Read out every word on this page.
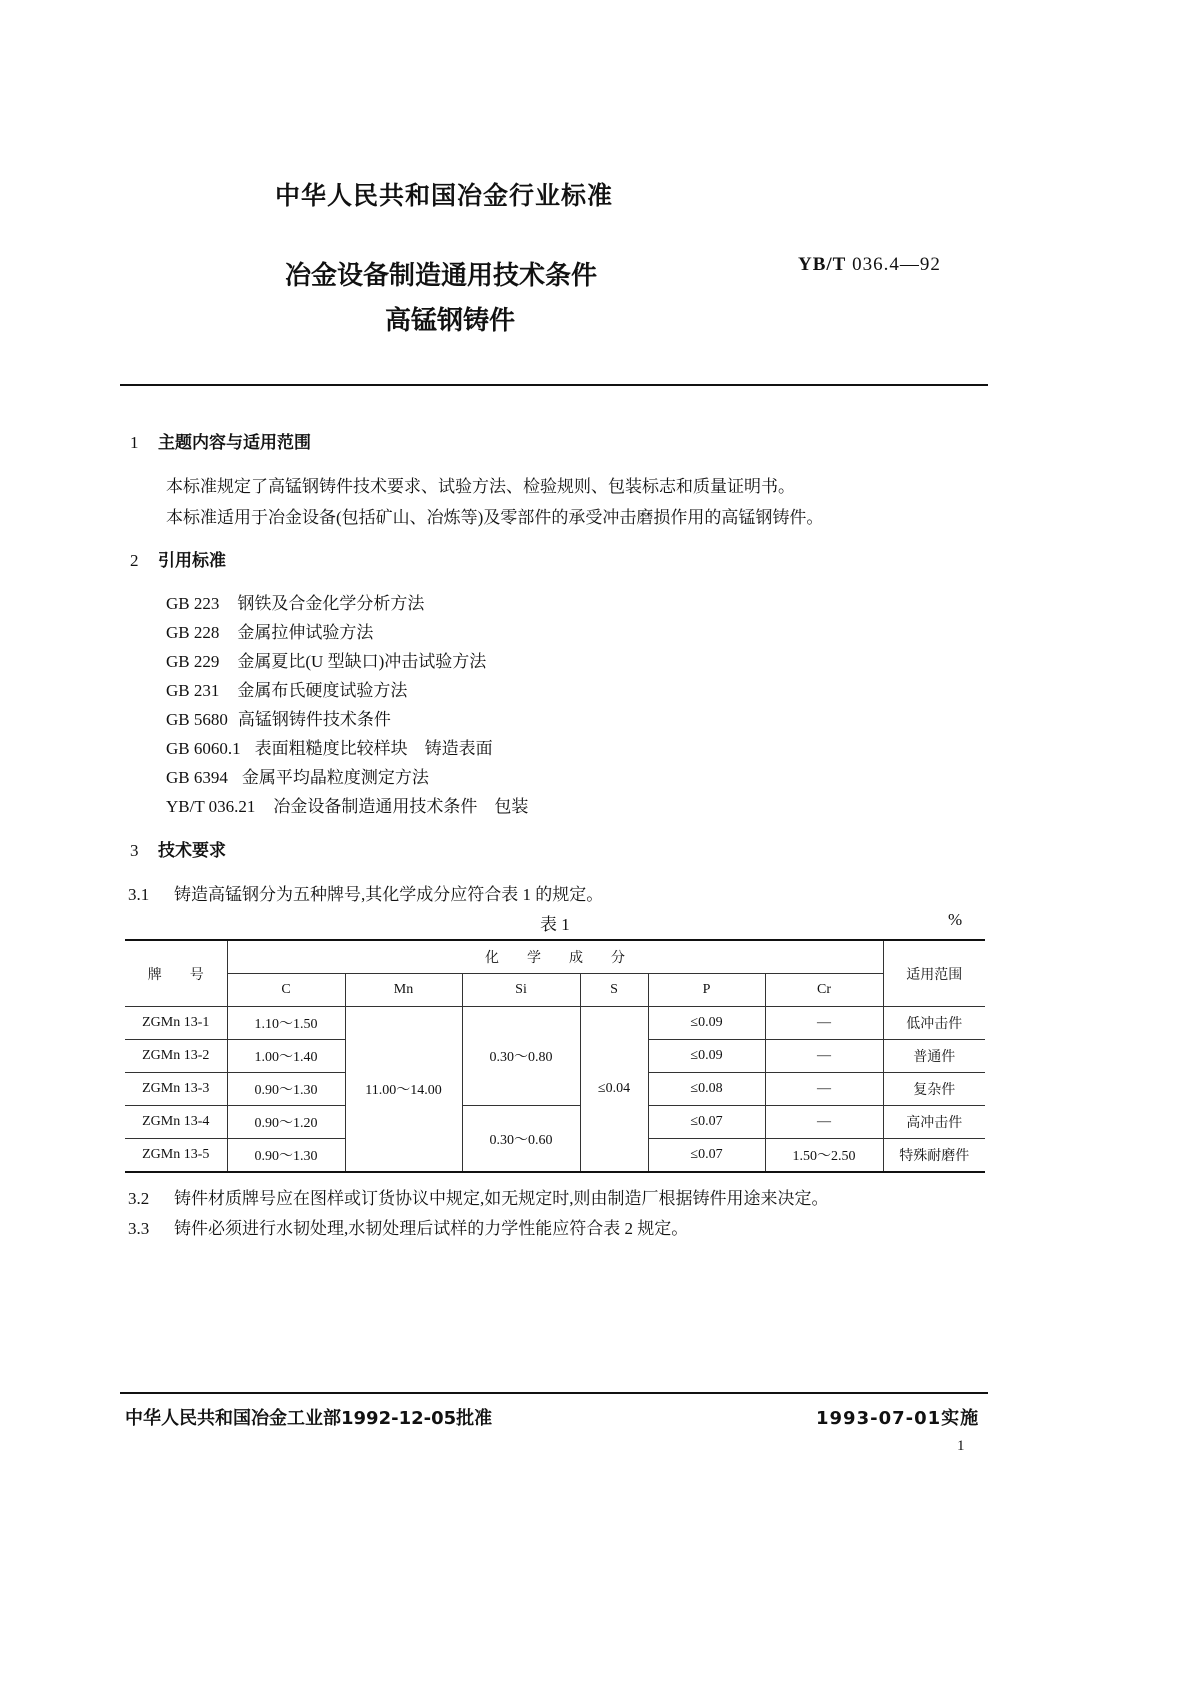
中华人民共和国冶金行业标准
冶金设备制造通用技术条件
高锰钢铸件
YB/T 036.4—92
1 主题内容与适用范围
本标准规定了高锰钢铸件技术要求、试验方法、检验规则、包装标志和质量证明书。
本标准适用于冶金设备(包括矿山、冶炼等)及零部件的承受冲击磨损作用的高锰钢铸件。
2 引用标准
GB 223 钢铁及合金化学分析方法
GB 228 金属拉伸试验方法
GB 229 金属夏比(U 型缺口)冲击试验方法
GB 231 金属布氏硬度试验方法
GB 5680 高锰钢铸件技术条件
GB 6060.1 表面粗糙度比较样块　铸造表面
GB 6394 金属平均晶粒度测定方法
YB/T 036.21 冶金设备制造通用技术条件　包装
3 技术要求
3.1 铸造高锰钢分为五种牌号,其化学成分应符合表 1 的规定。
表 1	%
牌　　号	化　　学　　成　　分						适用范围
	C	Mn	Si	S	P	Cr	
ZGMn 13-1	1.10～1.50	11.00～14.00	0.30～0.80	≤0.04	≤0.09	—	低冲击件
ZGMn 13-2	1.00～1.40				≤0.09	—	普通件
ZGMn 13-3	0.90～1.30				≤0.08	—	复杂件
ZGMn 13-4	0.90～1.20		0.30～0.60		≤0.07	—	高冲击件
ZGMn 13-5	0.90～1.30				≤0.07	1.50～2.50	特殊耐磨件
3.2 铸件材质牌号应在图样或订货协议中规定,如无规定时,则由制造厂根据铸件用途来决定。
3.3 铸件必须进行水韧处理,水韧处理后试样的力学性能应符合表 2 规定。
中华人民共和国冶金工业部1992-12-05批准	1993-07-01实施
1
